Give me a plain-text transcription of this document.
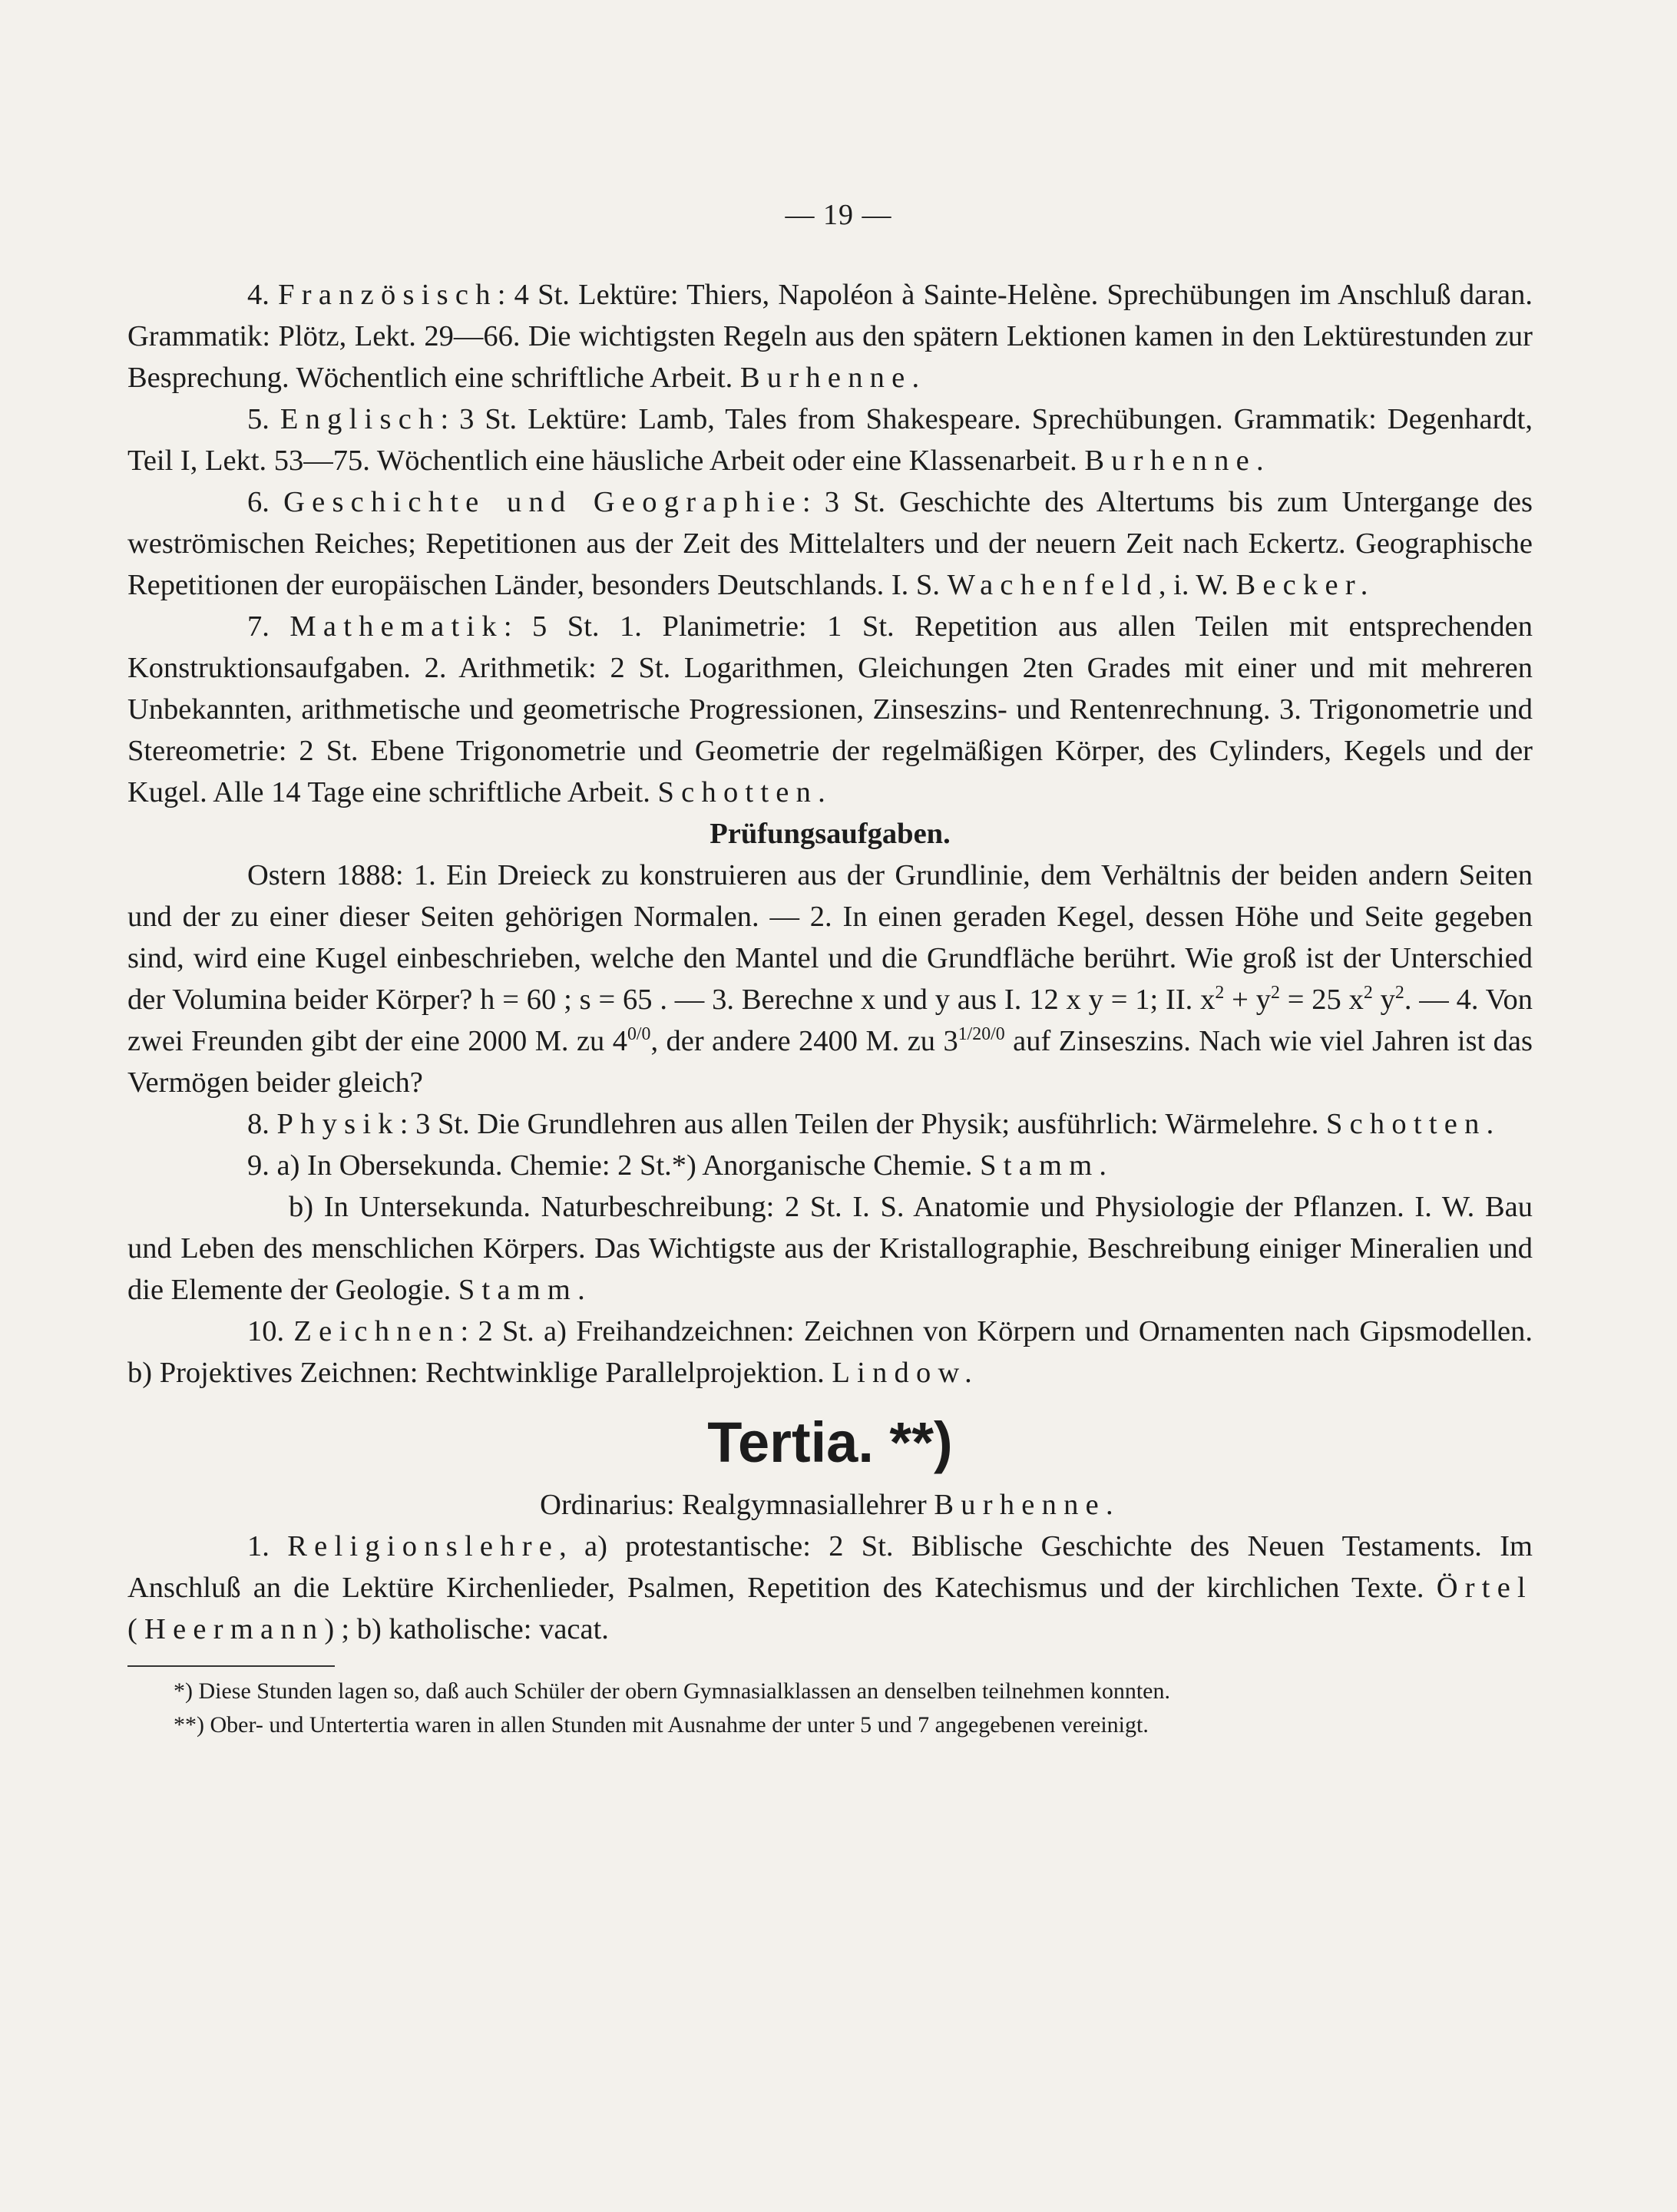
— 19 —

4. Französisch: 4 St. Lektüre: Thiers, Napoléon à Sainte-Helène. Sprechübungen im Anschluß daran. Grammatik: Plötz, Lekt. 29—66. Die wichtigsten Regeln aus den spätern Lektionen kamen in den Lektürestunden zur Besprechung. Wöchentlich eine schriftliche Arbeit. Burhenne.

5. Englisch: 3 St. Lektüre: Lamb, Tales from Shakespeare. Sprechübungen. Grammatik: Degenhardt, Teil I, Lekt. 53—75. Wöchentlich eine häusliche Arbeit oder eine Klassenarbeit. Burhenne.

6. Geschichte und Geographie: 3 St. Geschichte des Altertums bis zum Untergange des weströmischen Reiches; Repetitionen aus der Zeit des Mittelalters und der neuern Zeit nach Eckertz. Geographische Repetitionen der europäischen Länder, besonders Deutschlands. I. S. Wachenfeld, i. W. Becker.

7. Mathematik: 5 St. 1. Planimetrie: 1 St. Repetition aus allen Teilen mit entsprechenden Konstruktionsaufgaben. 2. Arithmetik: 2 St. Logarithmen, Gleichungen 2ten Grades mit einer und mit mehreren Unbekannten, arithmetische und geometrische Progressionen, Zinseszins- und Rentenrechnung. 3. Trigonometrie und Stereometrie: 2 St. Ebene Trigonometrie und Geometrie der regelmäßigen Körper, des Cylinders, Kegels und der Kugel. Alle 14 Tage eine schriftliche Arbeit. Schotten.

Prüfungsaufgaben.

Ostern 1888: 1. Ein Dreieck zu konstruieren aus der Grundlinie, dem Verhältnis der beiden andern Seiten und der zu einer dieser Seiten gehörigen Normalen. — 2. In einen geraden Kegel, dessen Höhe und Seite gegeben sind, wird eine Kugel einbeschrieben, welche den Mantel und die Grundfläche berührt. Wie groß ist der Unterschied der Volumina beider Körper? h = 60 ; s = 65 . — 3. Berechne x und y aus I. 12 x y = 1; II. $x^2 + y^2 = 25$ $x^2$ $y^2$. — 4. Von zwei Freunden gibt der eine 2000 M. zu $4^{0/0}$, der andere 2400 M. zu $3^{1/20/0}$ auf Zinseszins. Nach wie viel Jahren ist das Vermögen beider gleich?

8. Physik: 3 St. Die Grundlehren aus allen Teilen der Physik; ausführlich: Wärmelehre. Schotten.

9. a) In Obersekunda. Chemie: 2 St.*) Anorganische Chemie. Stamm.

b) In Untersekunda. Naturbeschreibung: 2 St. I. S. Anatomie und Physiologie der Pflanzen. I. W. Bau und Leben des menschlichen Körpers. Das Wichtigste aus der Kristallographie, Beschreibung einiger Mineralien und die Elemente der Geologie. Stamm.

10. Zeichnen: 2 St. a) Freihandzeichnen: Zeichnen von Körpern und Ornamenten nach Gipsmodellen. b) Projektives Zeichnen: Rechtwinklige Parallelprojektion. Lindow.

Tertia. **)

Ordinarius: Realgymnasiallehrer Burhenne.

1. Religionslehre, a) protestantische: 2 St. Biblische Geschichte des Neuen Testaments. Im Anschluß an die Lektüre Kirchenlieder, Psalmen, Repetition des Katechismus und der kirchlichen Texte. Örtel (Heermann); b) katholische: vacat.

*) Diese Stunden lagen so, daß auch Schüler der obern Gymnasialklassen an denselben teilnehmen konnten.

**) Ober- und Untertertia waren in allen Stunden mit Ausnahme der unter 5 und 7 angegebenen vereinigt.
